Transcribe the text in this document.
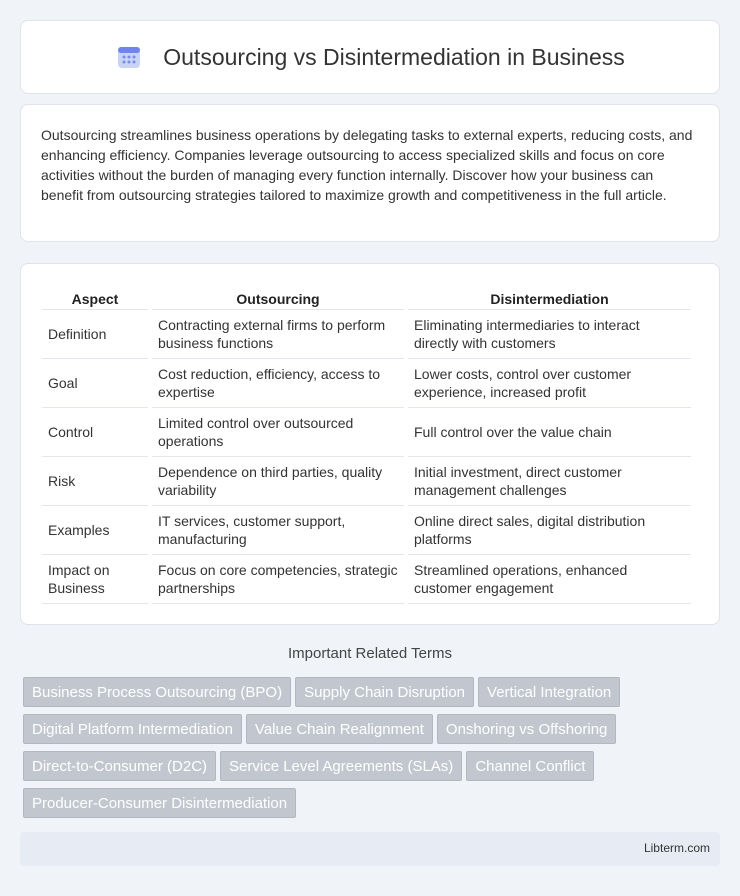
Outsourcing vs Disintermediation in Business

Outsourcing streamlines business operations by delegating tasks to external experts, reducing costs, and enhancing efficiency. Companies leverage outsourcing to access specialized skills and focus on core activities without the burden of managing every function internally. Discover how your business can benefit from outsourcing strategies tailored to maximize growth and competitiveness in the full article.

Aspect	Outsourcing	Disintermediation
Definition	Contracting external firms to perform business functions	Eliminating intermediaries to interact directly with customers
Goal	Cost reduction, efficiency, access to expertise	Lower costs, control over customer experience, increased profit
Control	Limited control over outsourced operations	Full control over the value chain
Risk	Dependence on third parties, quality variability	Initial investment, direct customer management challenges
Examples	IT services, customer support, manufacturing	Online direct sales, digital distribution platforms
Impact on Business	Focus on core competencies, strategic partnerships	Streamlined operations, enhanced customer engagement
Important Related Terms
Business Process Outsourcing (BPO) Supply Chain Disruption Vertical Integration
Digital Platform Intermediation Value Chain Realignment Onshoring vs Offshoring
Direct-to-Consumer (D2C) Service Level Agreements (SLAs) Channel Conflict
Producer-Consumer Disintermediation
Libterm.com
